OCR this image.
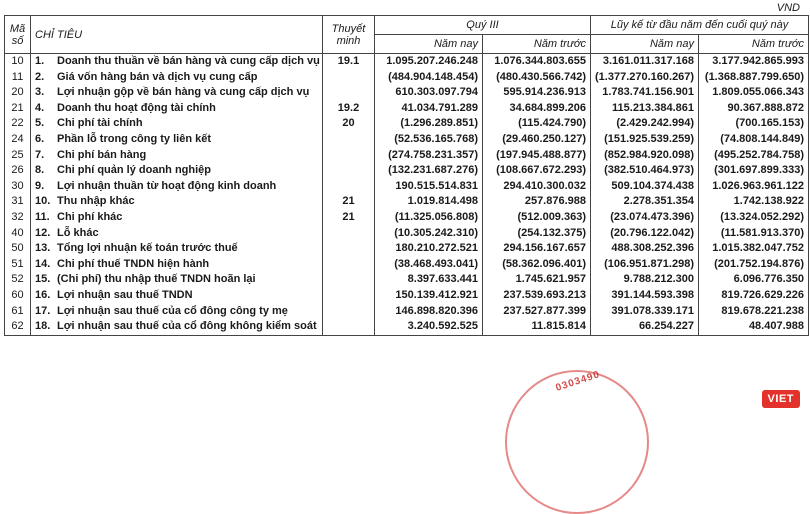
VND
Mã số	CHỈ TIÊU	Thuyết minh	Quý III		Lũy kế từ đầu năm đến cuối quý này	
			Năm nay	Năm trước	Năm nay	Năm trước
10	1. Doanh thu thuần về bán hàng và cung cấp dịch vụ	19.1	1.095.207.246.248	1.076.344.803.655	3.161.011.317.168	3.177.942.865.993
11	2. Giá vốn hàng bán và dịch vụ cung cấp		(484.904.148.454)	(480.430.566.742)	(1.377.270.160.267)	(1.368.887.799.650)
20	3. Lợi nhuận gộp về bán hàng và cung cấp dịch vụ		610.303.097.794	595.914.236.913	1.783.741.156.901	1.809.055.066.343
21	4. Doanh thu hoạt động tài chính	19.2	41.034.791.289	34.684.899.206	115.213.384.861	90.367.888.872
22	5. Chi phí tài chính	20	(1.296.289.851)	(115.424.790)	(2.429.242.994)	(700.165.153)
24	6. Phần lỗ trong công ty liên kết		(52.536.165.768)	(29.460.250.127)	(151.925.539.259)	(74.808.144.849)
25	7. Chi phí bán hàng		(274.758.231.357)	(197.945.488.877)	(852.984.920.098)	(495.252.784.758)
26	8. Chi phí quản lý doanh nghiệp		(132.231.687.276)	(108.667.672.293)	(382.510.464.973)	(301.697.899.333)
30	9. Lợi nhuận thuần từ hoạt động kinh doanh		190.515.514.831	294.410.300.032	509.104.374.438	1.026.963.961.122
31	10. Thu nhập khác	21	1.019.814.498	257.876.988	2.278.351.354	1.742.138.922
32	11. Chi phí khác	21	(11.325.056.808)	(512.009.363)	(23.074.473.396)	(13.324.052.292)
40	12. Lỗ khác		(10.305.242.310)	(254.132.375)	(20.796.122.042)	(11.581.913.370)
50	13. Tổng lợi nhuận kế toán trước thuế		180.210.272.521	294.156.167.657	488.308.252.396	1.015.382.047.752
51	14. Chi phí thuế TNDN hiện hành		(38.468.493.041)	(58.362.096.401)	(106.951.871.298)	(201.752.194.876)
52	15. (Chi phí) thu nhập thuế TNDN hoãn lại		8.397.633.441	1.745.621.957	9.788.212.300	6.096.776.350
60	16. Lợi nhuận sau thuế TNDN		150.139.412.921	237.539.693.213	391.144.593.398	819.726.629.226
61	17. Lợi nhuận sau thuế của cổ đông công ty mẹ		146.898.820.396	237.527.877.399	391.078.339.171	819.678.221.238
62	18. Lợi nhuận sau thuế của cổ đông không kiểm soát		3.240.592.525	11.815.814	66.254.227	48.407.988
0303490
VIET
